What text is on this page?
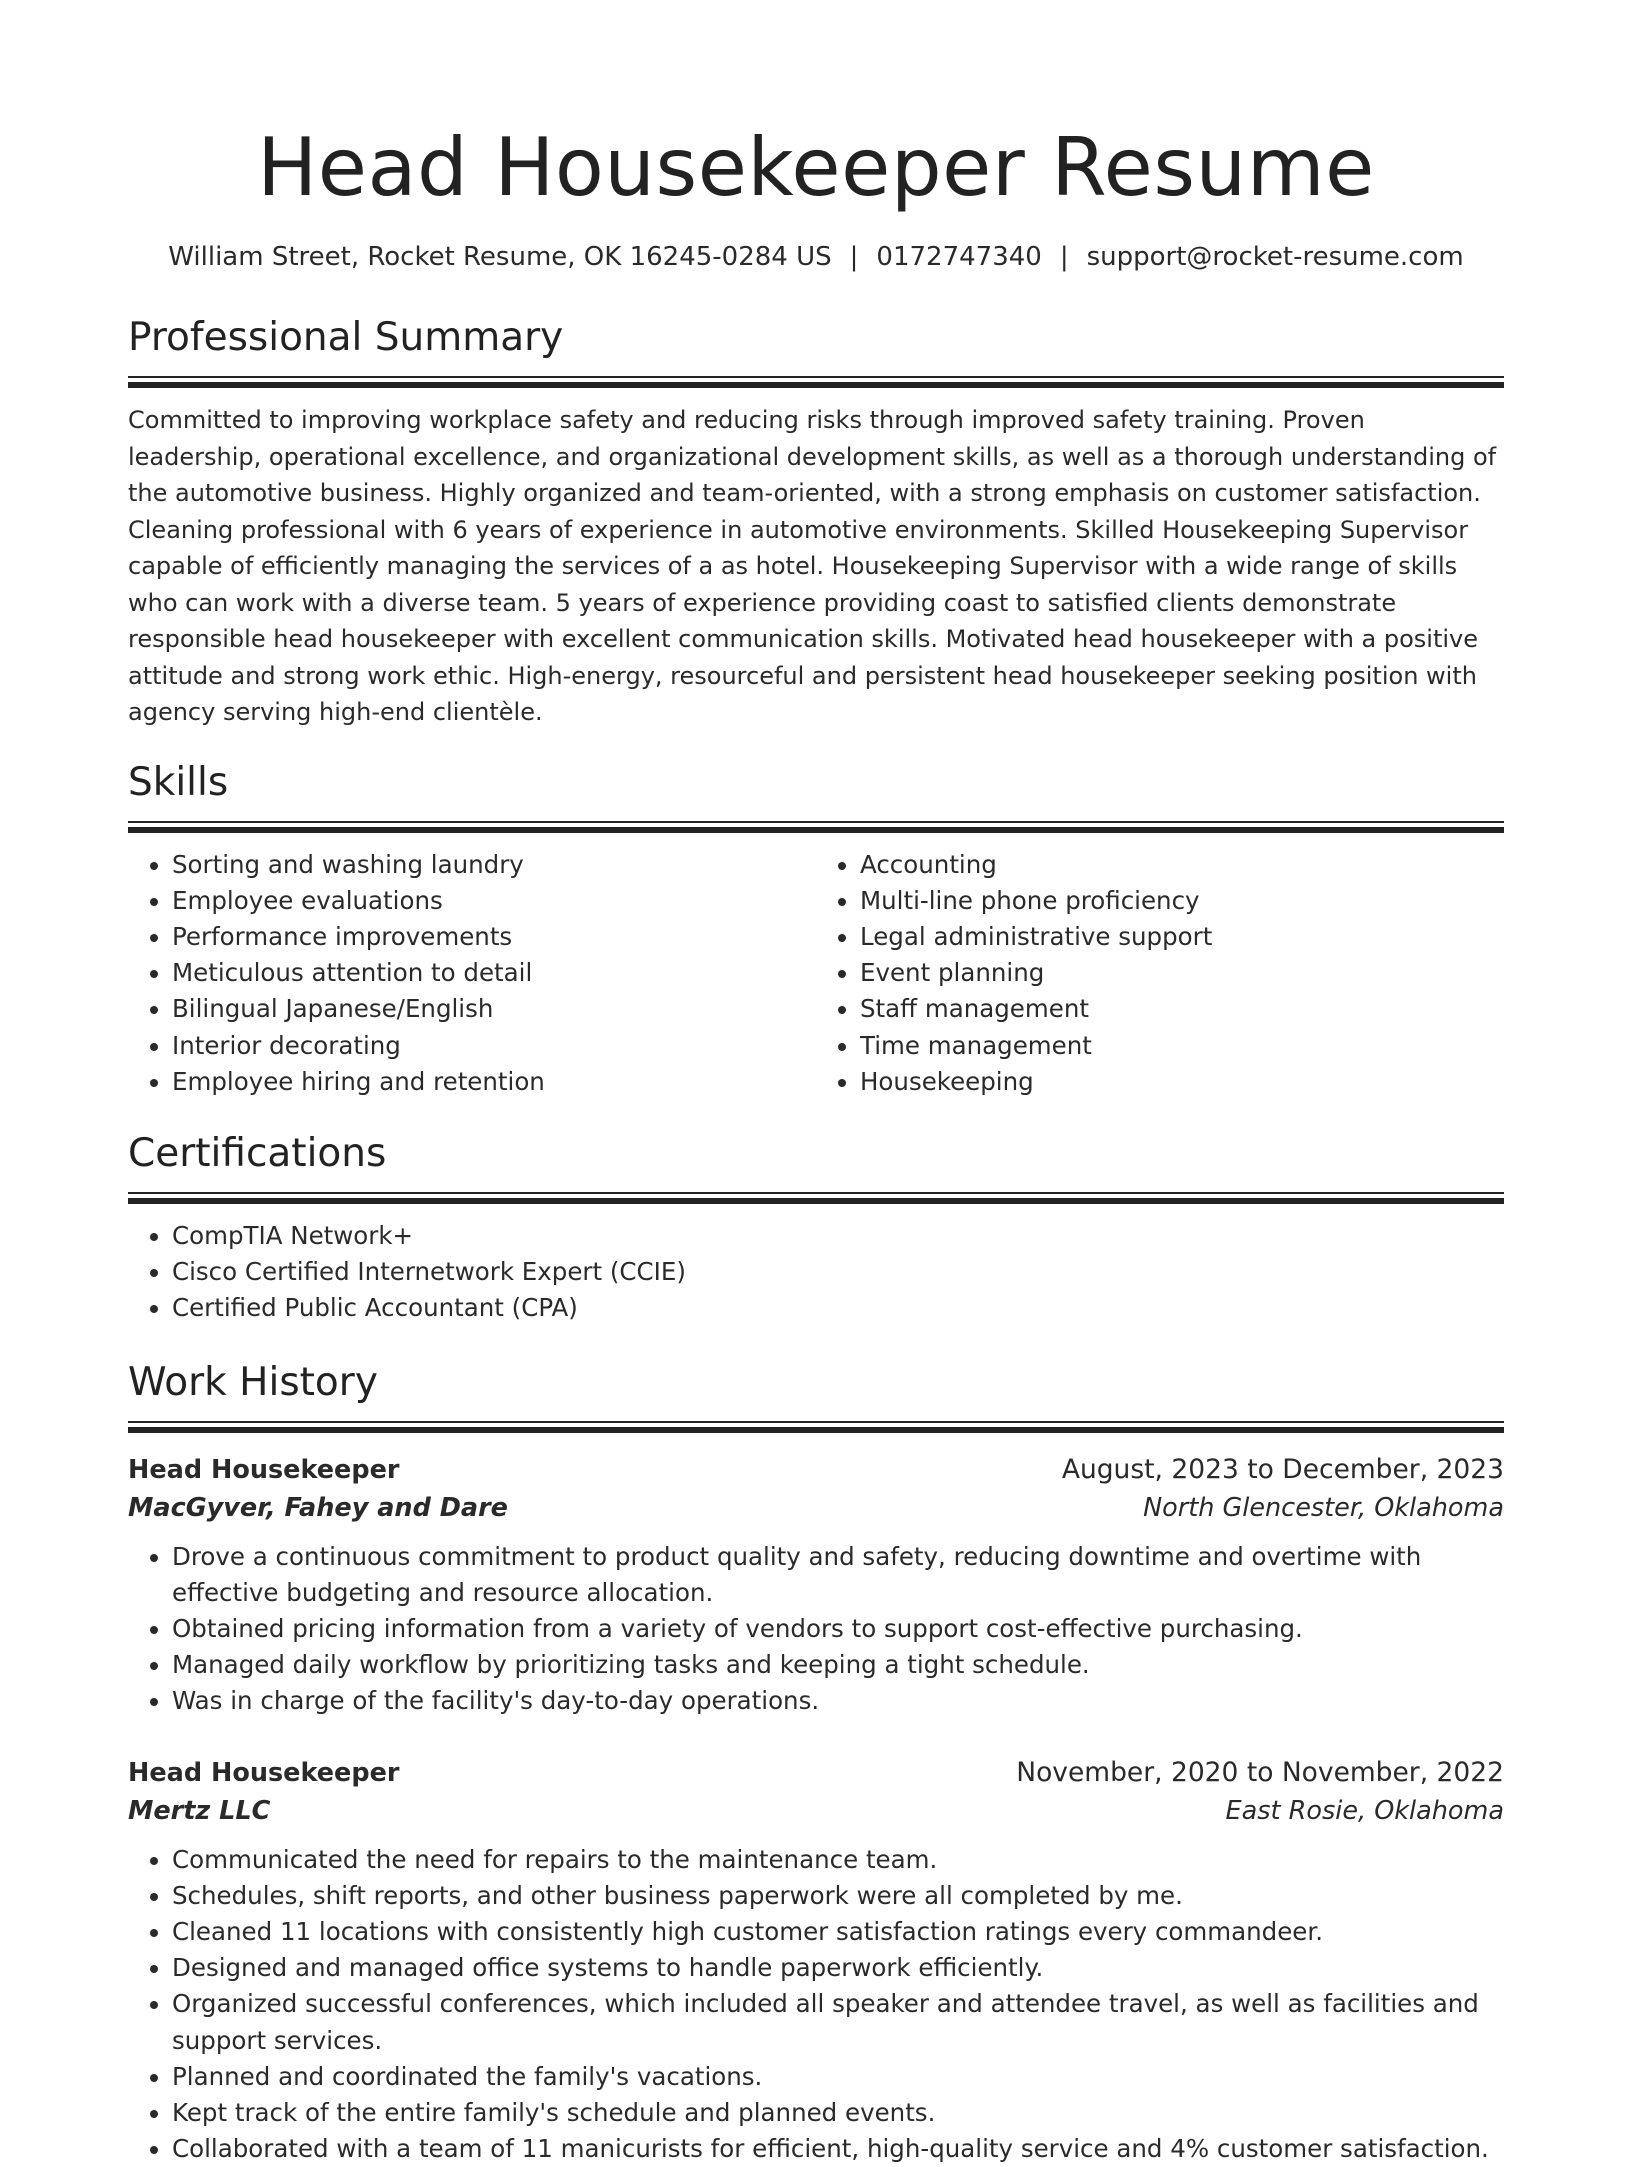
Head Housekeeper Resume
William Street, Rocket Resume, OK 16245-0284 US | 0172747340 | support@rocket-resume.com
Professional Summary
Committed to improving workplace safety and reducing risks through improved safety training. Proven leadership, operational excellence, and organizational development skills, as well as a thorough understanding of the automotive business. Highly organized and team-oriented, with a strong emphasis on customer satisfaction. Cleaning professional with 6 years of experience in automotive environments. Skilled Housekeeping Supervisor capable of efficiently managing the services of a as hotel. Housekeeping Supervisor with a wide range of skills who can work with a diverse team. 5 years of experience providing coast to satisfied clients demonstrate responsible head housekeeper with excellent communication skills. Motivated head housekeeper with a positive attitude and strong work ethic. High-energy, resourceful and persistent head housekeeper seeking position with agency serving high-end clientèle.
Skills
• Sorting and washing laundry
• Employee evaluations
• Performance improvements
• Meticulous attention to detail
• Bilingual Japanese/English
• Interior decorating
• Employee hiring and retention
• Accounting
• Multi-line phone proficiency
• Legal administrative support
• Event planning
• Staff management
• Time management
• Housekeeping
Certifications
• CompTIA Network+
• Cisco Certified Internetwork Expert (CCIE)
• Certified Public Accountant (CPA)
Work History
Head Housekeeper	August, 2023 to December, 2023
MacGyver, Fahey and Dare	North Glencester, Oklahoma
• Drove a continuous commitment to product quality and safety, reducing downtime and overtime with effective budgeting and resource allocation.
• Obtained pricing information from a variety of vendors to support cost-effective purchasing.
• Managed daily workflow by prioritizing tasks and keeping a tight schedule.
• Was in charge of the facility's day-to-day operations.
Head Housekeeper	November, 2020 to November, 2022
Mertz LLC	East Rosie, Oklahoma
• Communicated the need for repairs to the maintenance team.
• Schedules, shift reports, and other business paperwork were all completed by me.
• Cleaned 11 locations with consistently high customer satisfaction ratings every commandeer.
• Designed and managed office systems to handle paperwork efficiently.
• Organized successful conferences, which included all speaker and attendee travel, as well as facilities and support services.
• Planned and coordinated the family's vacations.
• Kept track of the entire family's schedule and planned events.
• Collaborated with a team of 11 manicurists for efficient, high-quality service and 4% customer satisfaction.
